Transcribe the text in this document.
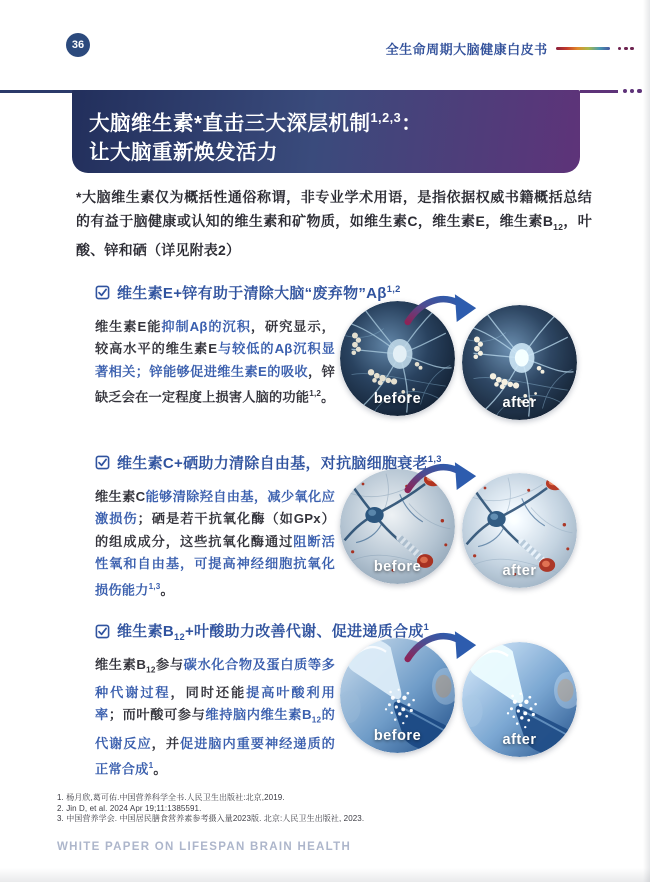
36	全生命周期大脑健康白皮书
大脑维生素*直击三大深层机制$^{1,2,3}$：
让大脑重新焕发活力
*大脑维生素仅为概括性通俗称谓，非专业学术用语，是指依据权威书籍概括总结的有益于脑健康或认知的维生素和矿物质，如维生素C，维生素E，维生素$B_{12}$，叶酸、锌和硒（详见附表2）
维生素E+锌有助于清除大脑“废弃物”Aβ$^{1,2}$
维生素E能抑制Aβ的沉积，研究显示，较高水平的维生素E与较低的Aβ沉积显著相关；锌能够促进维生素E的吸收，锌缺乏会在一定程度上损害人脑的功能$^{1,2}$。	before	after
维生素C+硒助力清除自由基，对抗脑细胞衰老$^{1,3}$
维生素C能够清除羟自由基，减少氧化应激损伤；硒是若干抗氧化酶（如GPx）的组成成分，这些抗氧化酶通过阻断活性氧和自由基，可提高神经细胞抗氧化损伤能力$^{1,3}$。
before	after
维生素$B_{12}+$叶酸助力改善代谢、促进递质合成$^1$
维生素$B_{12}$参与碳水化合物及蛋白质等多种代谢过程，同时还能提高叶酸利用率；而叶酸可参与维持脑内维生素$B_{12}$的代谢反应，并促进脑内重要神经递质的正常合成$^1$。
before	after
1. 杨月欣,葛可佑.中国营养科学全书.人民卫生出版社:北京,2019.
2. Jin D, et al. 2024 Apr 19;11:1385591.
3. 中国营养学会. 中国居民膳食营养素参考摄入量2023版. 北京:人民卫生出版社, 2023.
WHITE PAPER ON LIFESPAN BRAIN HEALTH
